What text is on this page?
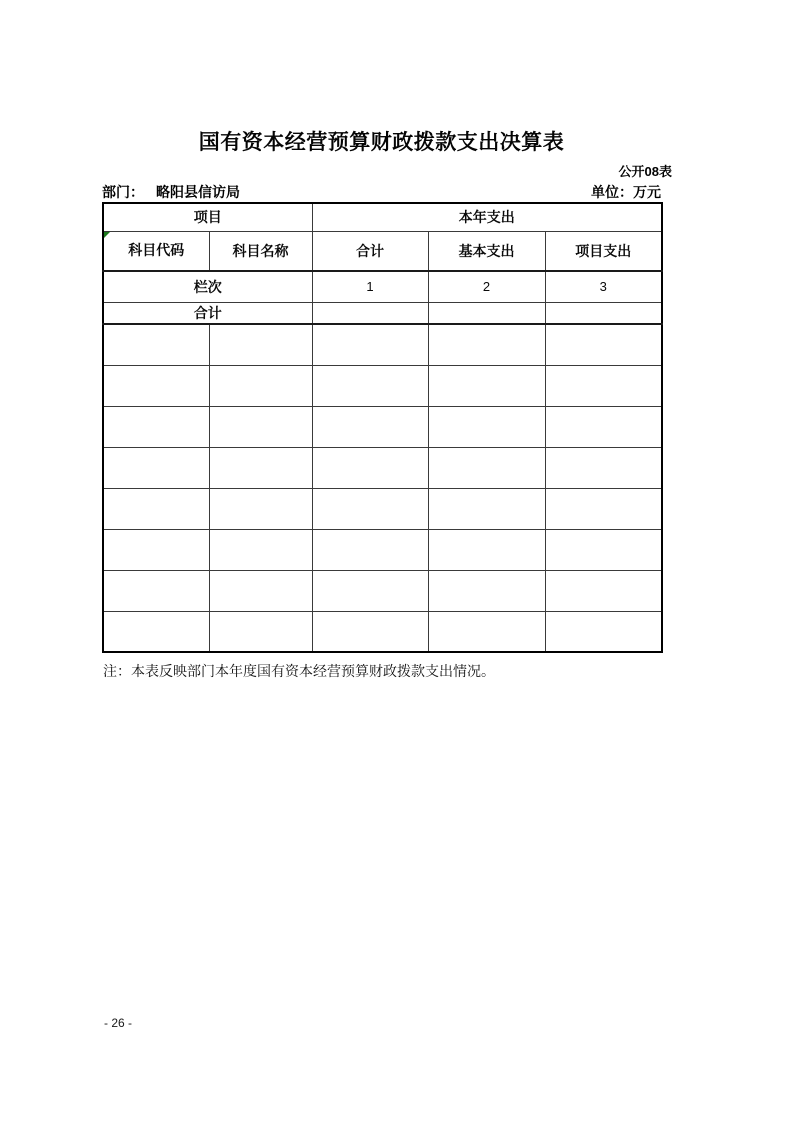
国有资本经营预算财政拨款支出决算表
公开08表
部门： 略阳县信访局	单位：万元
项目		本年支出		

科目代码	科目名称	合计	基本支出	项目支出
栏次		1	2	3
合计				

注：本表反映部门本年度国有资本经营预算财政拨款支出情况。
- 26 -
